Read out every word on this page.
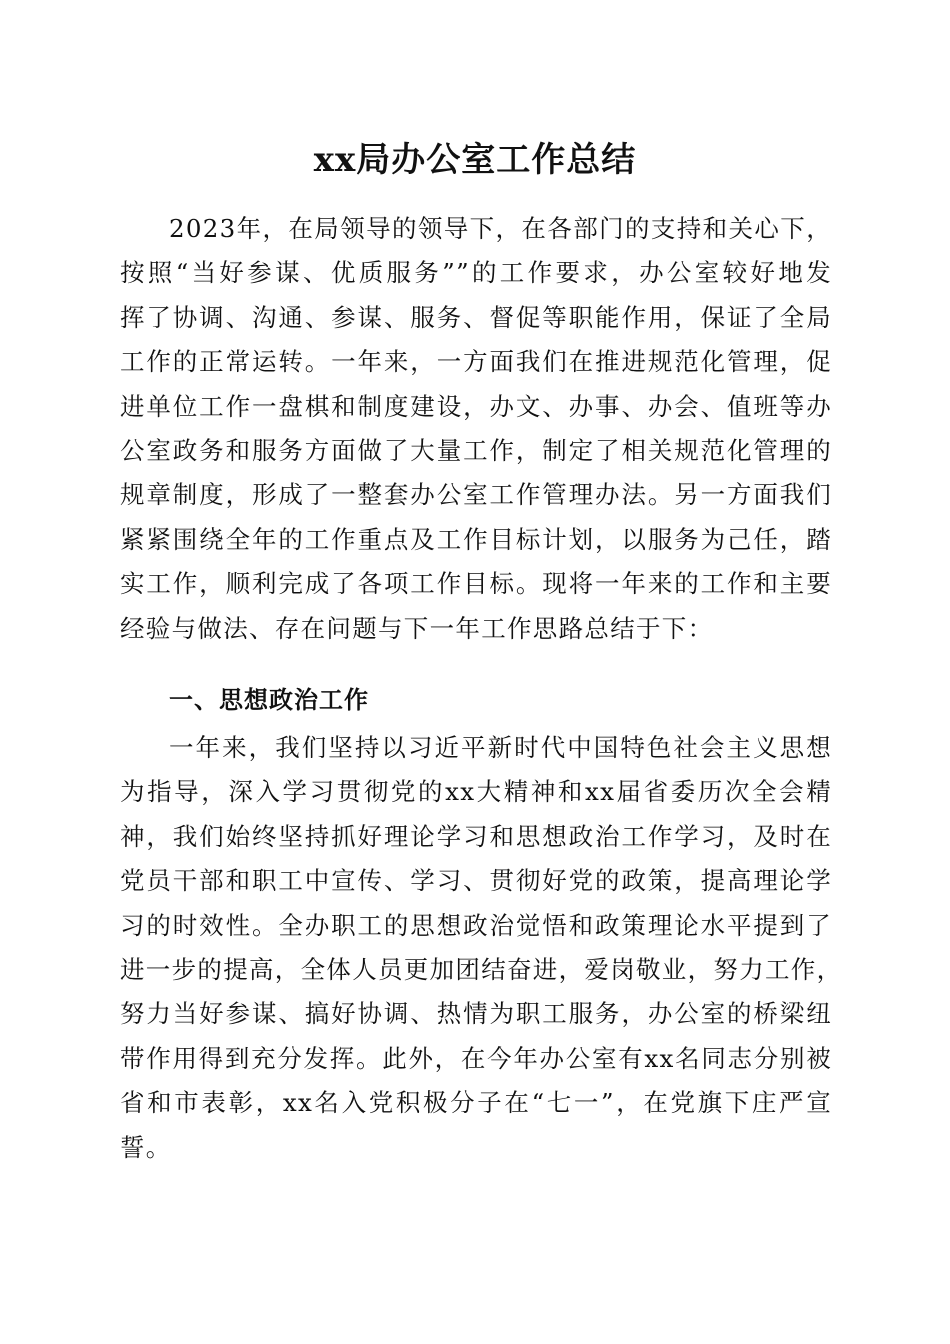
xx局办公室工作总结
2023年，在局领导的领导下，在各部门的支持和关心下，
按照“当好参谋、优质服务””的工作要求，办公室较好地发
挥了协调、沟通、参谋、服务、督促等职能作用，保证了全局
工作的正常运转。一年来，一方面我们在推进规范化管理，促
进单位工作一盘棋和制度建设，办文、办事、办会、值班等办
公室政务和服务方面做了大量工作，制定了相关规范化管理的
规章制度，形成了一整套办公室工作管理办法。另一方面我们
紧紧围绕全年的工作重点及工作目标计划，以服务为己任，踏
实工作，顺利完成了各项工作目标。现将一年来的工作和主要
经验与做法、存在问题与下一年工作思路总结于下：
一、思想政治工作
一年来，我们坚持以习近平新时代中国特色社会主义思想
为指导，深入学习贯彻党的xx大精神和xx届省委历次全会精
神，我们始终坚持抓好理论学习和思想政治工作学习，及时在
党员干部和职工中宣传、学习、贯彻好党的政策，提高理论学
习的时效性。全办职工的思想政治觉悟和政策理论水平提到了
进一步的提高，全体人员更加团结奋进，爱岗敬业，努力工作，
努力当好参谋、搞好协调、热情为职工服务，办公室的桥梁纽
带作用得到充分发挥。此外，在今年办公室有xx名同志分别被
省和市表彰，xx名入党积极分子在“七一”，在党旗下庄严宣
誓。
